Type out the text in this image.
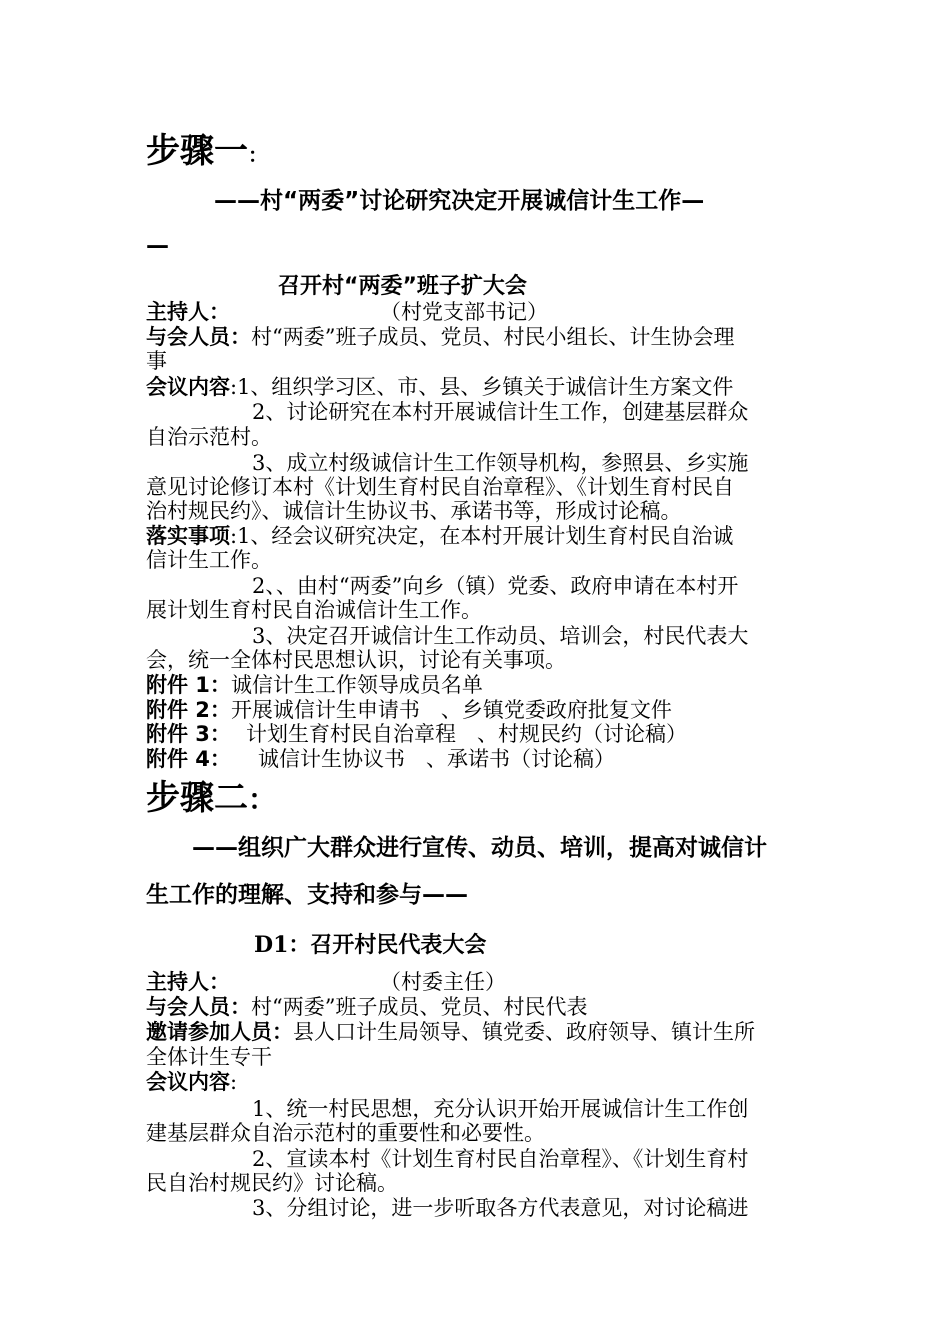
步骤一：
——村“两委”讨论研究决定开展诚信计生工作—
—
召开村“两委”班子扩大会
主持人：	（村党支部书记）
与会人员：村“两委”班子成员、党员、村民小组长、计生协会理
事
会议内容:1、组织学习区、市、县、乡镇关于诚信计生方案文件
2、讨论研究在本村开展诚信计生工作，创建基层群众
自治示范村。
3、成立村级诚信计生工作领导机构，参照县、乡实施
意见讨论修订本村《计划生育村民自治章程》、《计划生育村民自
治村规民约》、诚信计生协议书、承诺书等，形成讨论稿。
落实事项:1、经会议研究决定，在本村开展计划生育村民自治诚
信计生工作。
2、、由村“两委”向乡（镇）党委、政府申请在本村开
展计划生育村民自治诚信计生工作。
3、决定召开诚信计生工作动员、培训会，村民代表大
会，统一全体村民思想认识，讨论有关事项。
附件 1：诚信计生工作领导成员名单
附件 2：开展诚信计生申请书　、乡镇党委政府批复文件
附件 3： 计划生育村民自治章程　、村规民约（讨论稿）
附件 4： 诚信计生协议书　、承诺书（讨论稿）
步骤二：
——组织广大群众进行宣传、动员、培训，提高对诚信计
生工作的理解、支持和参与——
D1：召开村民代表大会
主持人：	（村委主任）
与会人员：村“两委”班子成员、党员、村民代表
邀请参加人员：县人口计生局领导、镇党委、政府领导、镇计生所
全体计生专干
会议内容:
1、统一村民思想，充分认识开始开展诚信计生工作创
建基层群众自治示范村的重要性和必要性。
2、宣读本村《计划生育村民自治章程》、《计划生育村
民自治村规民约》讨论稿。
3、分组讨论，进一步听取各方代表意见，对讨论稿进
